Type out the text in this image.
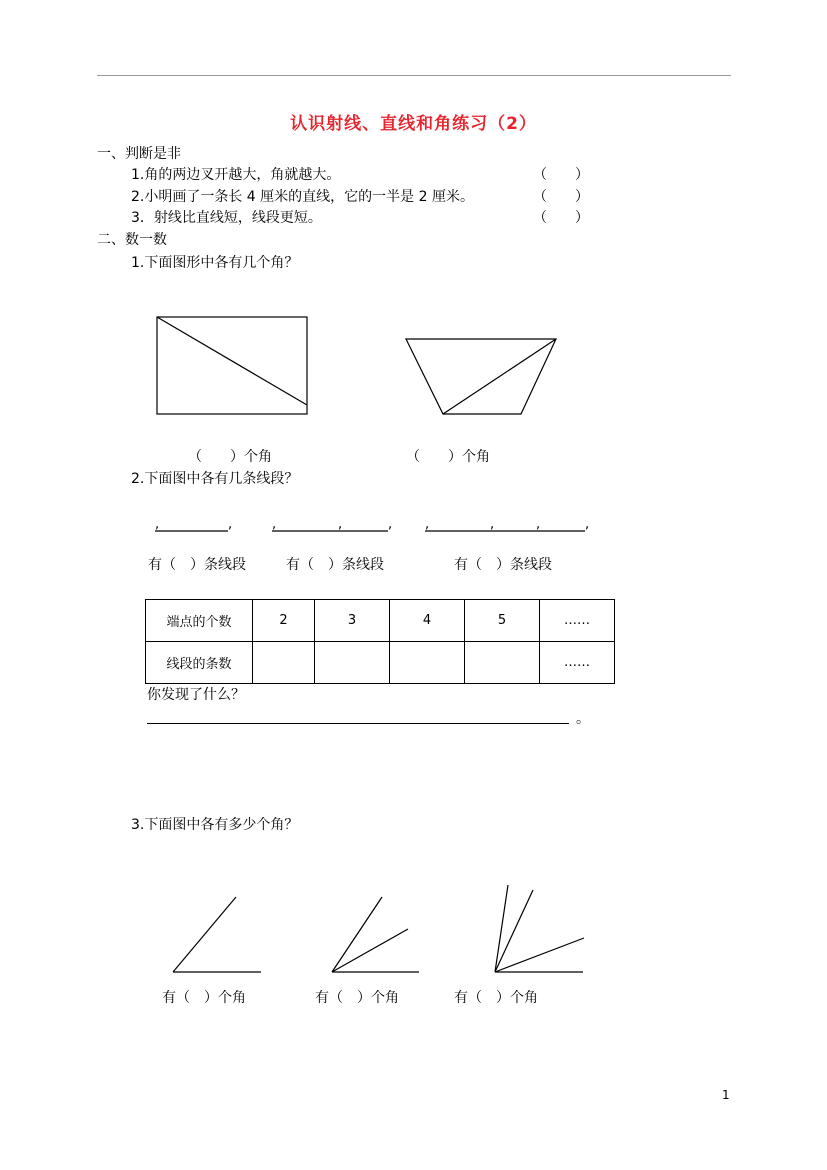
认识射线、直线和角练习（2）
一、判断是非
1.角的两边叉开越大，角就越大。	（　　）
2.小明画了一条长 4 厘米的直线，它的一半是 2 厘米。	（　　）
3．射线比直线短，线段更短。	（　　）
二、数一数
1.下面图形中各有几个角？
,	,	,	,	,	,	,	,	,
（　　）个角	（　　）个角
2.下面图中各有几条线段？
有（　）条线段	有（　）条线段	有（　）条线段
端点的个数	2	3	4	5	……
线段的条数					……
你发现了什么？
。
3.下面图中各有多少个角？
有（　）个角	有（　）个角	有（　）个角
1
